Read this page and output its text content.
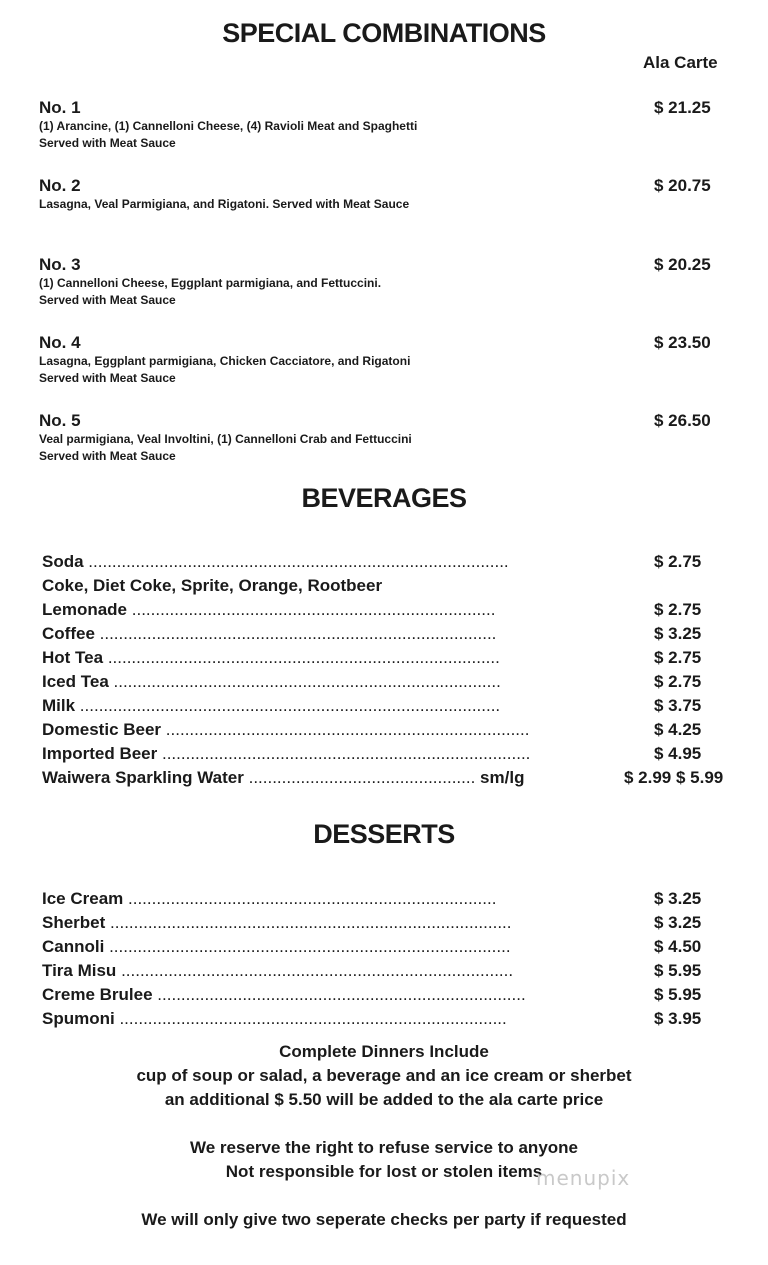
SPECIAL COMBINATIONS
Ala Carte
No. 1
(1) Arancine, (1) Cannelloni Cheese, (4) Ravioli Meat and Spaghetti
Served with Meat Sauce
$ 21.25
No. 2
Lasagna, Veal Parmigiana, and Rigatoni. Served with Meat Sauce
$ 20.75
No. 3
(1) Cannelloni Cheese, Eggplant parmigiana, and Fettuccini.
Served with Meat Sauce
$ 20.25
No. 4
Lasagna, Eggplant parmigiana, Chicken Cacciatore, and Rigatoni
Served with Meat Sauce
$ 23.50
No. 5
Veal parmigiana, Veal Involtini, (1) Cannelloni Crab and Fettuccini
Served with Meat Sauce
$ 26.50
BEVERAGES
Soda .........................................................................................	$ 2.75
Coke, Diet Coke, Sprite, Orange, Rootbeer
Lemonade .............................................................................	$ 2.75
Coffee ....................................................................................	$ 3.25
Hot Tea ...................................................................................	$ 2.75
Iced Tea ..................................................................................	$ 2.75
Milk .........................................................................................	$ 3.75
Domestic Beer .............................................................................	$ 4.25
Imported Beer ..............................................................................	$ 4.95
Waiwera Sparkling Water ................................................ sm/lg	$ 2.99 $ 5.99
DESSERTS
Ice Cream ..............................................................................	$ 3.25
Sherbet .....................................................................................	$ 3.25
Cannoli .....................................................................................	$ 4.50
Tira Misu ...................................................................................	$ 5.95
Creme Brulee ..............................................................................	$ 5.95
Spumoni ..................................................................................	$ 3.95
Complete Dinners Include
cup of soup or salad, a beverage and an ice cream or sherbet
an additional $ 5.50 will be added to the ala carte price
We reserve the right to refuse service to anyone
Not responsible for lost or stolen items
We will only give two seperate checks per party if requested
menupix
